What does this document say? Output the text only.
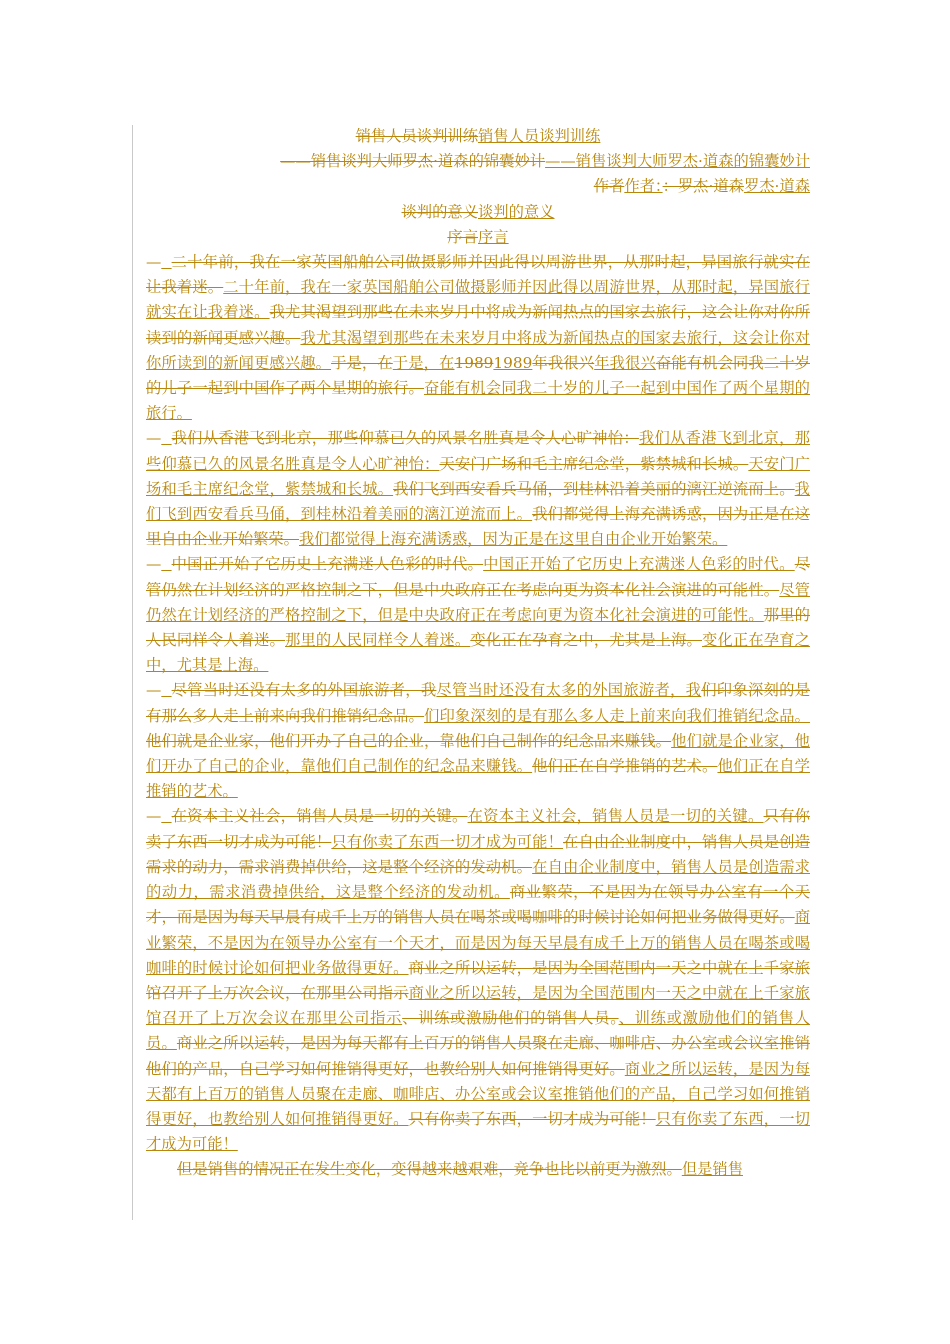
销售人员谈判训练销售人员谈判训练
——销售谈判大师罗杰·道森的锦囊妙计——销售谈判大师罗杰·道森的锦囊妙计
作者作者：：罗杰·道森罗杰·道森
谈判的意义谈判的意义
序言序言

— 二十年前，我在一家英国船舶公司做摄影师并因此得以周游世界，从那时起，异国旅行就实在让我着迷。二十年前，我在一家英国船舶公司做摄影师并因此得以周游世界，从那时起，异国旅行就实在让我着迷。我尤其渴望到那些在未来岁月中将成为新闻热点的国家去旅行，这会让你对你所读到的新闻更感兴趣。我尤其渴望到那些在未来岁月中将成为新闻热点的国家去旅行，这会让你对你所读到的新闻更感兴趣。于是，在于是，在19891989年我很兴年我很兴奋能有机会同我二十岁的儿子一起到中国作了两个星期的旅行。奋能有机会同我二十岁的儿子一起到中国作了两个星期的旅行。

— 我们从香港飞到北京，那些仰慕已久的风景名胜真是令人心旷神怡：我们从香港飞到北京，那些仰慕已久的风景名胜真是令人心旷神怡：天安门广场和毛主席纪念堂，紫禁城和长城。天安门广场和毛主席纪念堂，紫禁城和长城。我们飞到西安看兵马俑，到桂林沿着美丽的漓江逆流而上。我们飞到西安看兵马俑，到桂林沿着美丽的漓江逆流而上。我们都觉得上海充满诱惑，因为正是在这里自由企业开始繁荣。我们都觉得上海充满诱惑，因为正是在这里自由企业开始繁荣。

— 中国正开始了它历史上充满迷人色彩的时代。中国正开始了它历史上充满迷人色彩的时代。尽管仍然在计划经济的严格控制之下，但是中央政府正在考虑向更为资本化社会演进的可能性。尽管仍然在计划经济的严格控制之下，但是中央政府正在考虑向更为资本化社会演进的可能性。那里的人民同样令人着迷。那里的人民同样令人着迷。变化正在孕育之中，尤其是上海。变化正在孕育之中，尤其是上海。

— 尽管当时还没有太多的外国旅游者，我尽管当时还没有太多的外国旅游者，我们印象深刻的是有那么多人走上前来向我们推销纪念品。们印象深刻的是有那么多人走上前来向我们推销纪念品。他们就是企业家，他们开办了自己的企业，靠他们自己制作的纪念品来赚钱。他们就是企业家，他们开办了自己的企业，靠他们自己制作的纪念品来赚钱。他们正在自学推销的艺术。他们正在自学推销的艺术。

— 在资本主义社会，销售人员是一切的关键。在资本主义社会，销售人员是一切的关键。只有你卖了东西一切才成为可能！只有你卖了东西一切才成为可能！在自由企业制度中，销售人员是创造需求的动力，需求消费掉供给，这是整个经济的发动机。在自由企业制度中，销售人员是创造需求的动力，需求消费掉供给，这是整个经济的发动机。商业繁荣，不是因为在领导办公室有一个天才，而是因为每天早晨有成千上万的销售人员在喝茶或喝咖啡的时候讨论如何把业务做得更好。商业繁荣，不是因为在领导办公室有一个天才，而是因为每天早晨有成千上万的销售人员在喝茶或喝咖啡的时候讨论如何把业务做得更好。商业之所以运转，是因为全国范围内一天之中就在上千家旅馆召开了上万次会议，在那里公司指示商业之所以运转，是因为全国范围内一天之中就在上千家旅馆召开了上万次会议在那里公司指示、训练或激励他们的销售人员。、训练或激励他们的销售人员。商业之所以运转，是因为每天都有上百万的销售人员聚在走廊、咖啡店、办公室或会议室推销他们的产品，自己学习如何推销得更好，也教给别人如何推销得更好。商业之所以运转，是因为每天都有上百万的销售人员聚在走廊、咖啡店、办公室或会议室推销他们的产品，自己学习如何推销得更好，也教给别人如何推销得更好。只有你卖了东西，一切才成为可能！只有你卖了东西，一切才成为可能！

但是销售的情况正在发生变化，变得越来越艰难，竞争也比以前更为激烈。但是销售
